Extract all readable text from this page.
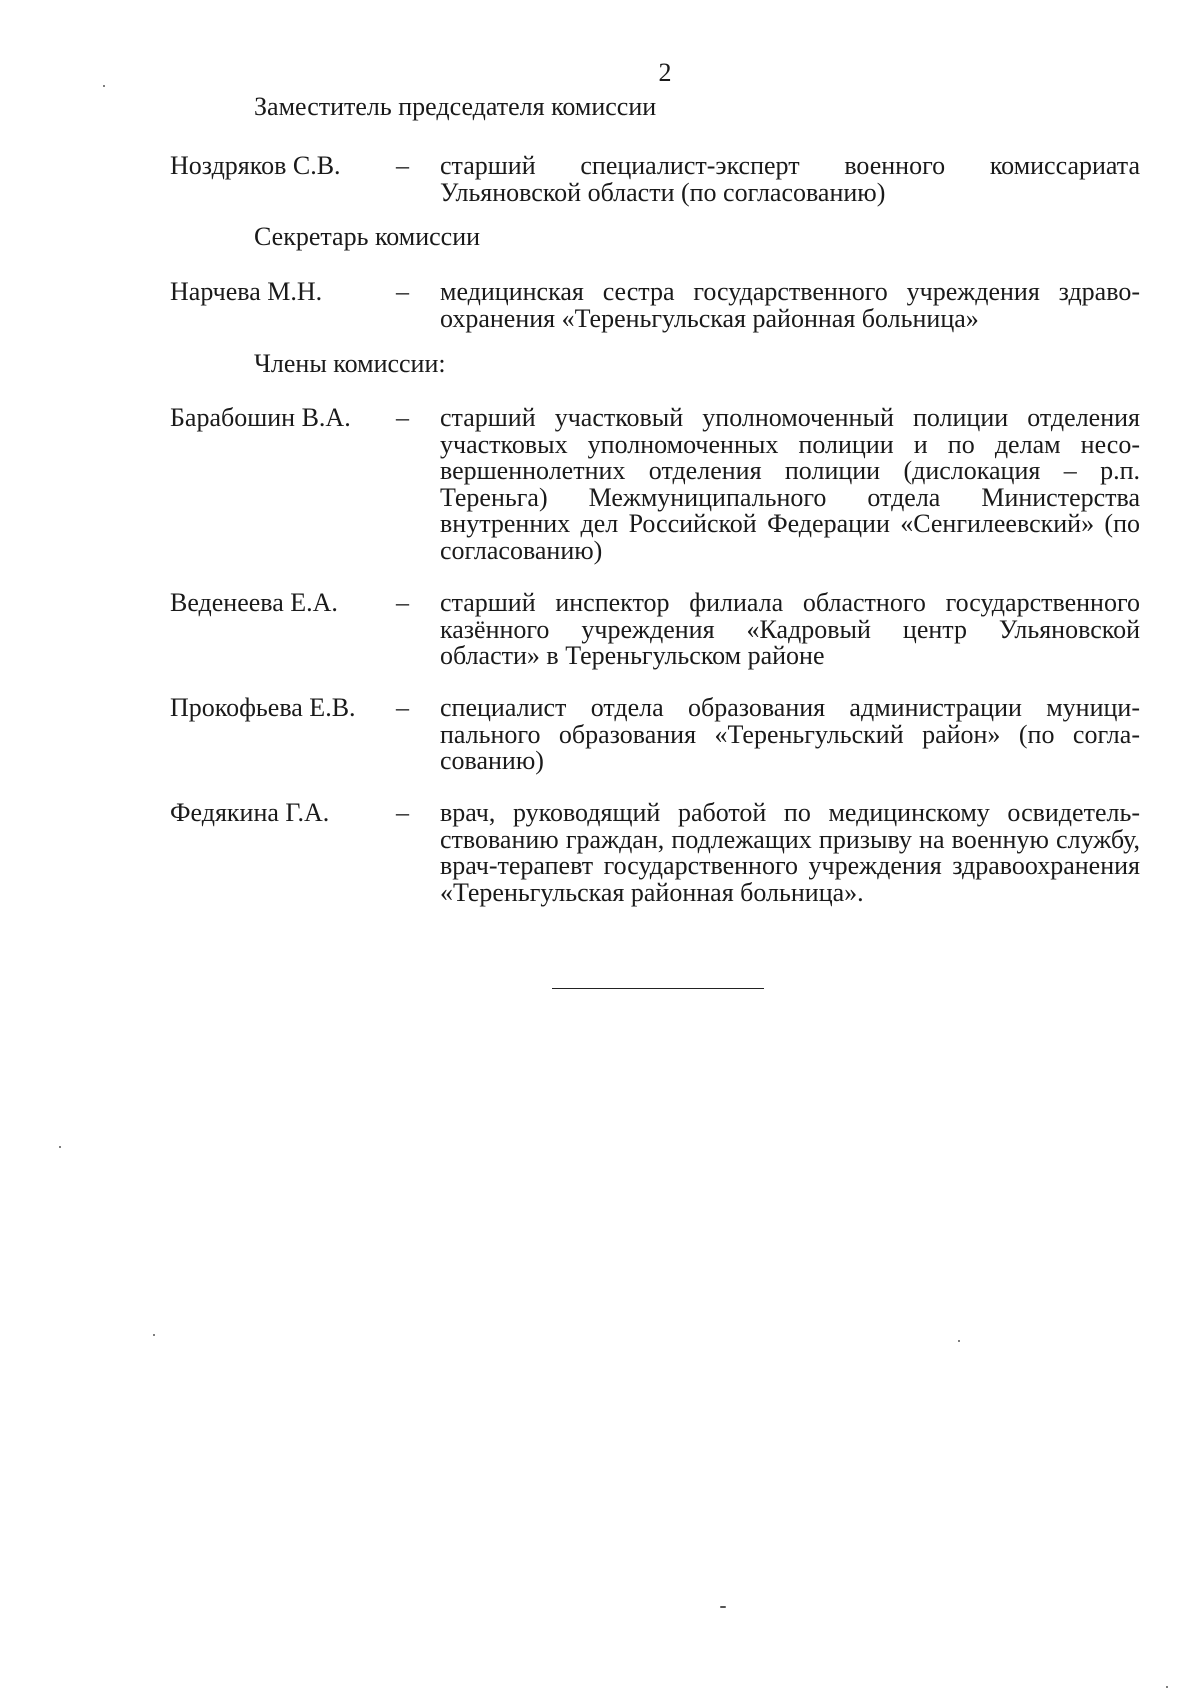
2
Заместитель председателя комиссии
Ноздряков С.В. – старший специалист-эксперт военного комиссариата Ульяновской области (по согласованию)
Секретарь комиссии
Нарчева М.Н.	– медицинская сестра государственного учреждения здравоохранения «Тереньгульская районная больница»
Члены комиссии:
Барабошин В.А. – старший участковый уполномоченный полиции отделения участковых уполномоченных полиции и по делам несовершеннолетних отделения полиции (дислокация – р.п. Тереньга) Межмуниципального отдела Министерства внутренних дел Российской Федерации «Сенгилеевский» (по согласованию)
Веденеева Е.А. – старший инспектор филиала областного государственного казённого учреждения «Кадровый центр Ульяновской области» в Тереньгульском районе
Прокофьева Е.В. – специалист отдела образования администрации муниципального образования «Тереньгульский район» (по согласованию)
Федякина Г.А.	– врач, руководящий работой по медицинскому освидетельствованию граждан, подлежащих призыву на военную службу, врач-терапевт государственного учреждения здравоохранения «Тереньгульская районная больница».
